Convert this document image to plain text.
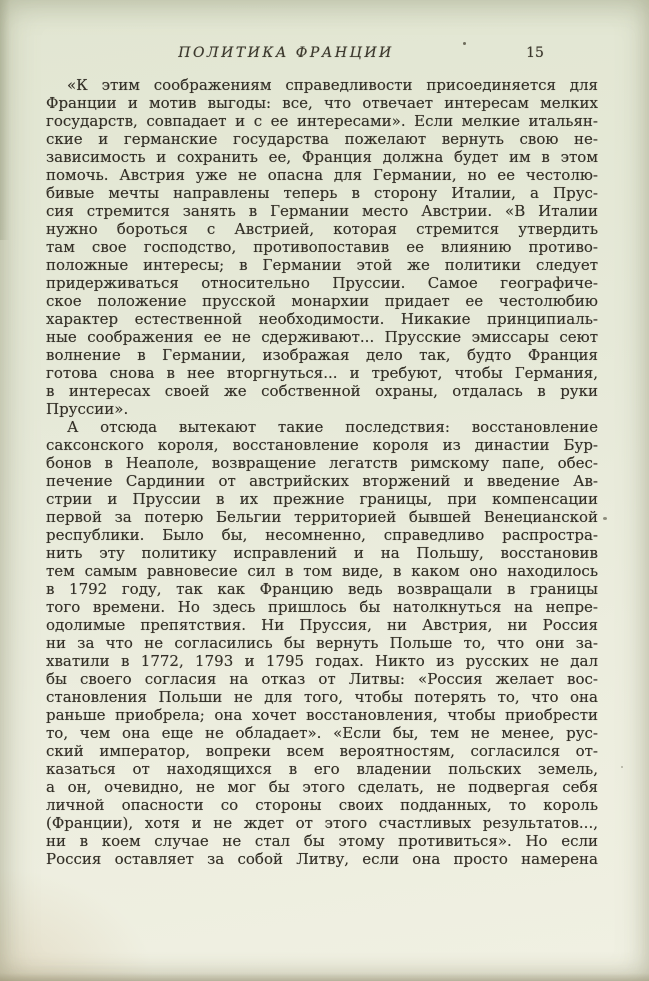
ПОЛИТИКА ФРАНЦИИ	15
«К этим соображениям справедливости присоединяется для
Франции и мотив выгоды: все, что отвечает интересам мелких
государств, совпадает и с ее интересами». Если мелкие итальян-
ские и германские государства пожелают вернуть свою не-
зависимость и сохранить ее, Франция должна будет им в этом
помочь. Австрия уже не опасна для Германии, но ее честолю-
бивые мечты направлены теперь в сторону Италии, а Прус-
сия стремится занять в Германии место Австрии. «В Италии
нужно бороться с Австрией, которая стремится утвердить
там свое господство, противопоставив ее влиянию противо-
положные интересы; в Германии этой же политики следует
придерживаться относительно Пруссии. Самое географиче-
ское положение прусской монархии придает ее честолюбию
характер естественной необходимости. Никакие принципиаль-
ные соображения ее не сдерживают... Прусские эмиссары сеют
волнение в Германии, изображая дело так, будто Франция
готова снова в нее вторгнуться... и требуют, чтобы Германия,
в интересах своей же собственной охраны, отдалась в руки
Пруссии».
А отсюда вытекают такие последствия: восстановление
саксонского короля, восстановление короля из династии Бур-
бонов в Неаполе, возвращение легатств римскому папе, обес-
печение Сардинии от австрийских вторжений и введение Ав-
стрии и Пруссии в их прежние границы, при компенсации
первой за потерю Бельгии территорией бывшей Венецианской
республики. Было бы, несомненно, справедливо распростра-
нить эту политику исправлений и на Польшу, восстановив
тем самым равновесие сил в том виде, в каком оно находилось
в 1792 году, так как Францию ведь возвращали в границы
того времени. Но здесь пришлось бы натолкнуться на непре-
одолимые препятствия. Ни Пруссия, ни Австрия, ни Россия
ни за что не согласились бы вернуть Польше то, что они за-
хватили в 1772, 1793 и 1795 годах. Никто из русских не дал
бы своего согласия на отказ от Литвы: «Россия желает вос-
становления Польши не для того, чтобы потерять то, что она
раньше приобрела; она хочет восстановления, чтобы приобрести
то, чем она еще не обладает». «Если бы, тем не менее, рус-
ский император, вопреки всем вероятностям, согласился от-
казаться от находящихся в его владении польских земель,
а он, очевидно, не мог бы этого сделать, не подвергая себя
личной опасности со стороны своих подданных, то король
(Франции), хотя и не ждет от этого счастливых результатов...,
ни в коем случае не стал бы этому противиться». Но если
Россия оставляет за собой Литву, если она просто намерена
